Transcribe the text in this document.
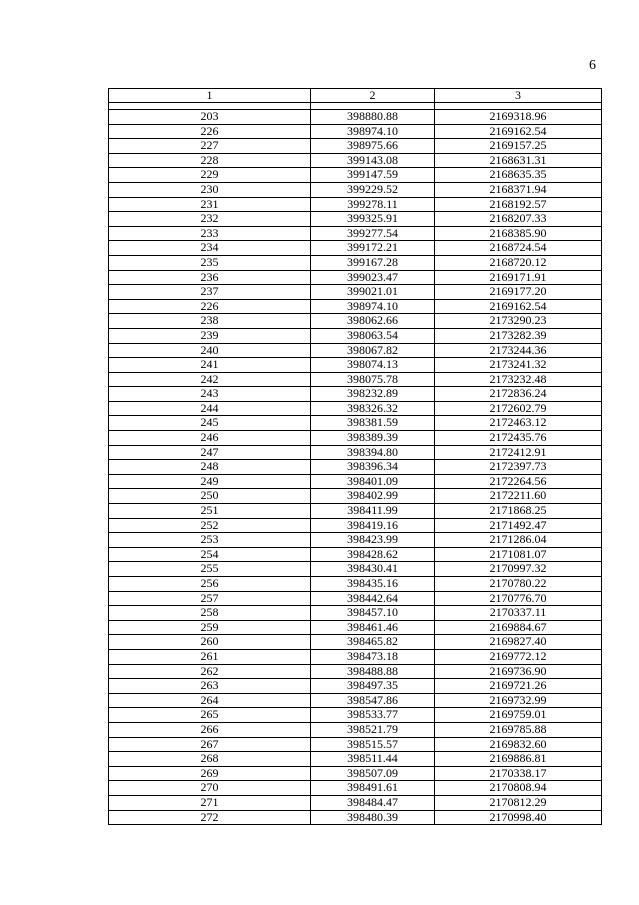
6
1	2	3

203	398880.88	2169318.96
226	398974.10	2169162.54
227	398975.66	2169157.25
228	399143.08	2168631.31
229	399147.59	2168635.35
230	399229.52	2168371.94
231	399278.11	2168192.57
232	399325.91	2168207.33
233	399277.54	2168385.90
234	399172.21	2168724.54
235	399167.28	2168720.12
236	399023.47	2169171.91
237	399021.01	2169177.20
226	398974.10	2169162.54
238	398062.66	2173290.23
239	398063.54	2173282.39
240	398067.82	2173244.36
241	398074.13	2173241.32
242	398075.78	2173232.48
243	398232.89	2172836.24
244	398326.32	2172602.79
245	398381.59	2172463.12
246	398389.39	2172435.76
247	398394.80	2172412.91
248	398396.34	2172397.73
249	398401.09	2172264.56
250	398402.99	2172211.60
251	398411.99	2171868.25
252	398419.16	2171492.47
253	398423.99	2171286.04
254	398428.62	2171081.07
255	398430.41	2170997.32
256	398435.16	2170780.22
257	398442.64	2170776.70
258	398457.10	2170337.11
259	398461.46	2169884.67
260	398465.82	2169827.40
261	398473.18	2169772.12
262	398488.88	2169736.90
263	398497.35	2169721.26
264	398547.86	2169732.99
265	398533.77	2169759.01
266	398521.79	2169785.88
267	398515.57	2169832.60
268	398511.44	2169886.81
269	398507.09	2170338.17
270	398491.61	2170808.94
271	398484.47	2170812.29
272	398480.39	2170998.40
